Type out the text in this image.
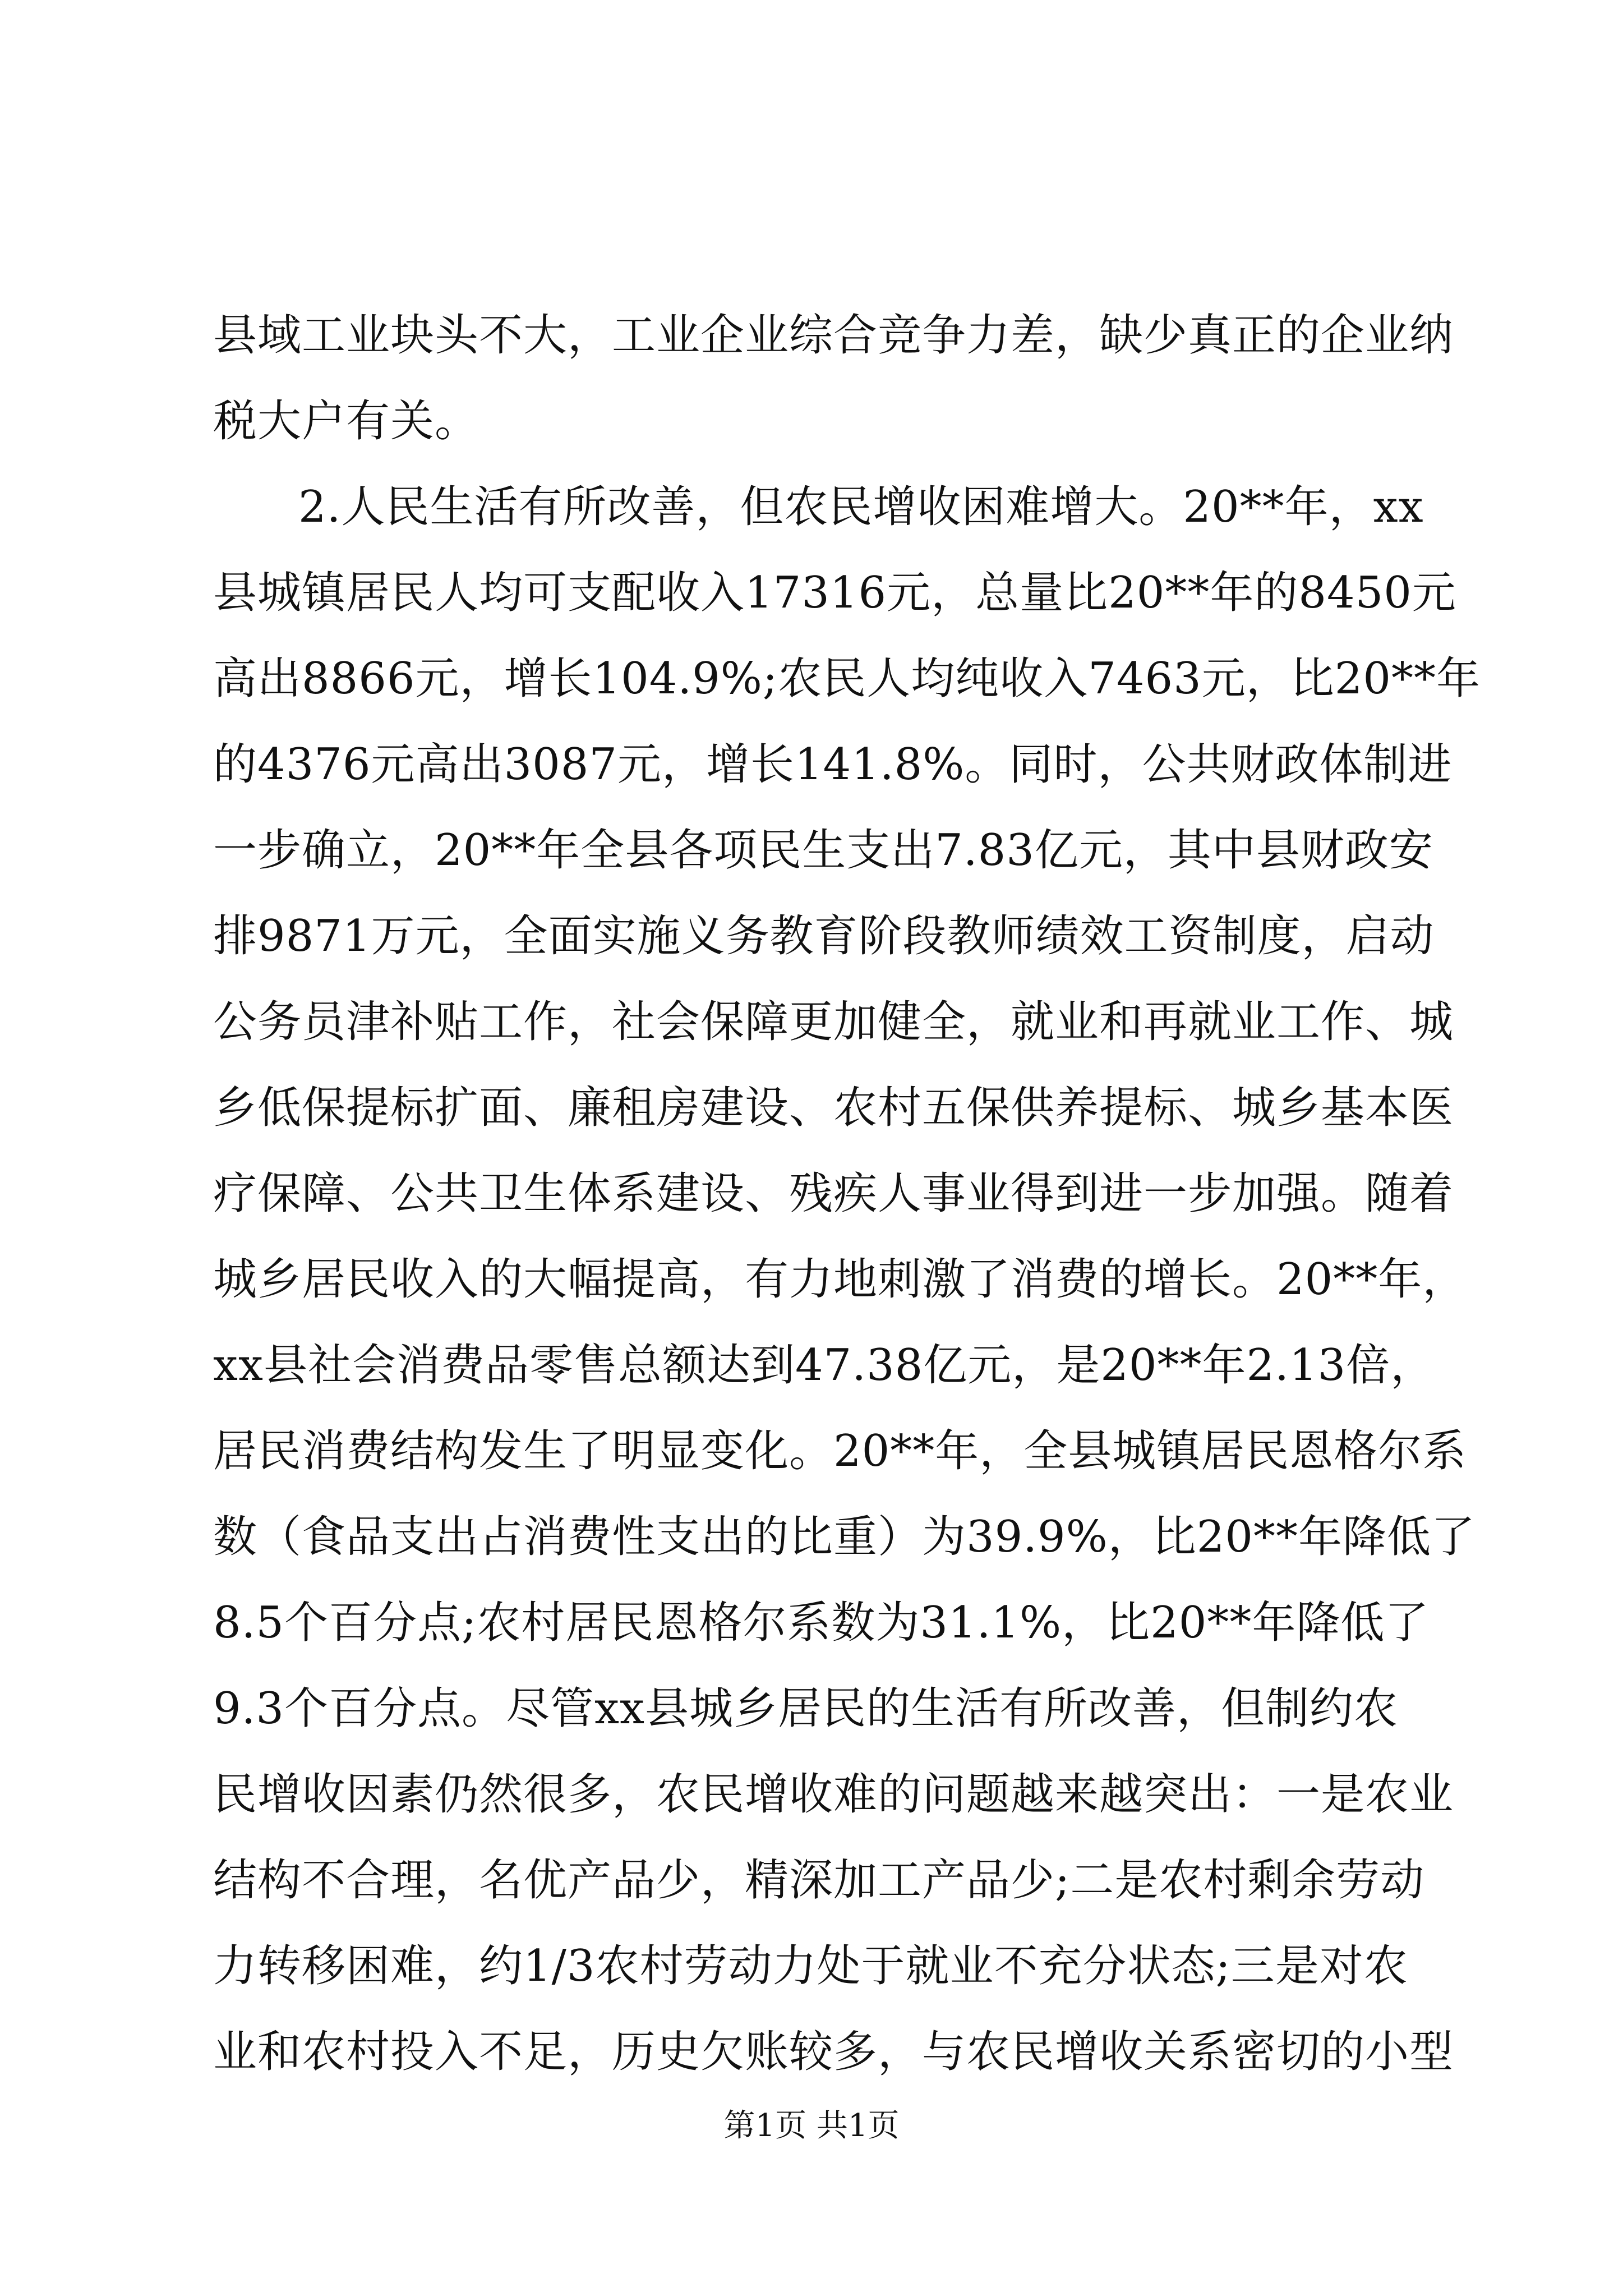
县域工业块头不大，工业企业综合竞争力差，缺少真正的企业纳
税大户有关。
2.人民生活有所改善，但农民增收困难增大。20**年，xx
县城镇居民人均可支配收入17316元，总量比20**年的8450元
高出8866元，增长104.9%;农民人均纯收入7463元，比20**年
的4376元高出3087元，增长141.8%。同时，公共财政体制进
一步确立，20**年全县各项民生支出7.83亿元，其中县财政安
排9871万元，全面实施义务教育阶段教师绩效工资制度，启动
公务员津补贴工作，社会保障更加健全，就业和再就业工作、城
乡低保提标扩面、廉租房建设、农村五保供养提标、城乡基本医
疗保障、公共卫生体系建设、残疾人事业得到进一步加强。随着
城乡居民收入的大幅提高，有力地刺激了消费的增长。20**年，
xx县社会消费品零售总额达到47.38亿元，是20**年2.13倍，
居民消费结构发生了明显变化。20**年，全县城镇居民恩格尔系
数（食品支出占消费性支出的比重）为39.9%，比20**年降低了
8.5个百分点;农村居民恩格尔系数为31.1%，比20**年降低了
9.3个百分点。尽管xx县城乡居民的生活有所改善，但制约农
民增收因素仍然很多，农民增收难的问题越来越突出：一是农业
结构不合理，名优产品少，精深加工产品少;二是农村剩余劳动
力转移困难，约1/3农村劳动力处于就业不充分状态;三是对农
业和农村投入不足，历史欠账较多，与农民增收关系密切的小型
第1页 共1页
